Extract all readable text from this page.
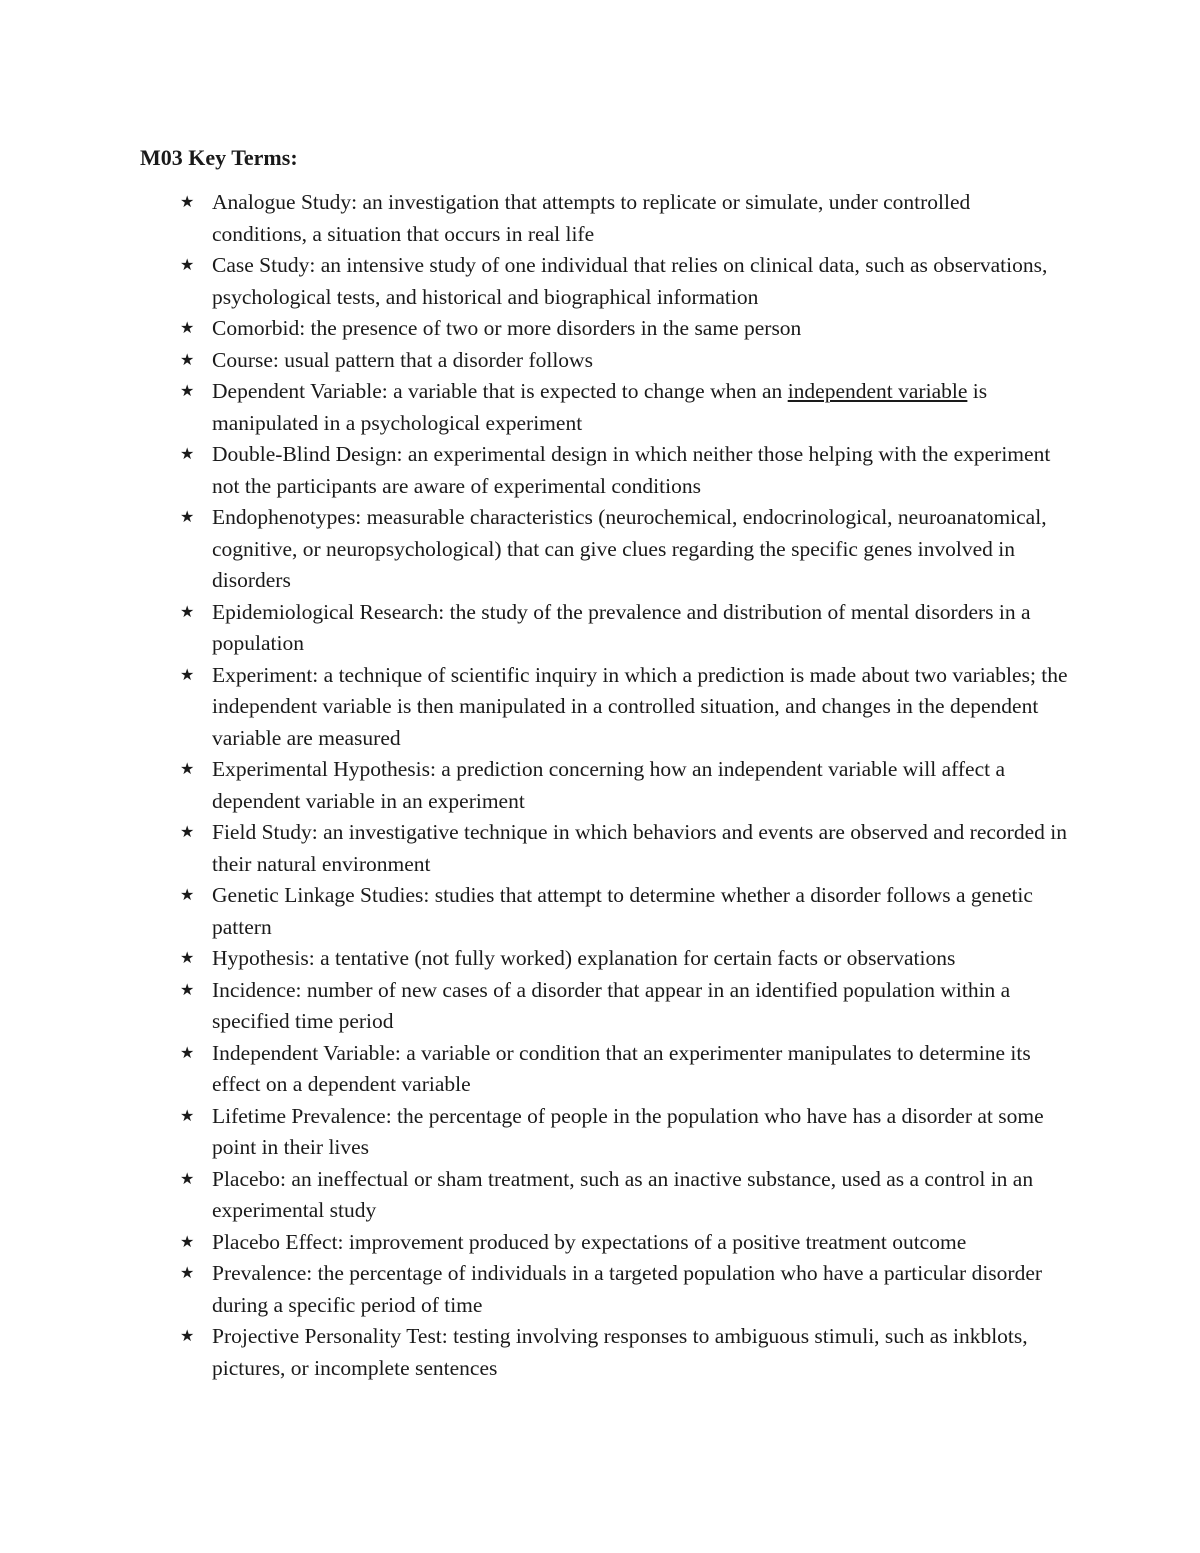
M03 Key Terms:
★ Analogue Study: an investigation that attempts to replicate or simulate, under controlled conditions, a situation that occurs in real life
★ Case Study: an intensive study of one individual that relies on clinical data, such as observations, psychological tests, and historical and biographical information
★ Comorbid: the presence of two or more disorders in the same person
★ Course: usual pattern that a disorder follows
★ Dependent Variable: a variable that is expected to change when an independent variable is manipulated in a psychological experiment
★ Double-Blind Design: an experimental design in which neither those helping with the experiment not the participants are aware of experimental conditions
★ Endophenotypes: measurable characteristics (neurochemical, endocrinological, neuroanatomical, cognitive, or neuropsychological) that can give clues regarding the specific genes involved in disorders
★ Epidemiological Research: the study of the prevalence and distribution of mental disorders in a population
★ Experiment: a technique of scientific inquiry in which a prediction is made about two variables; the independent variable is then manipulated in a controlled situation, and changes in the dependent variable are measured
★ Experimental Hypothesis: a prediction concerning how an independent variable will affect a dependent variable in an experiment
★ Field Study: an investigative technique in which behaviors and events are observed and recorded in their natural environment
★ Genetic Linkage Studies: studies that attempt to determine whether a disorder follows a genetic pattern
★ Hypothesis: a tentative (not fully worked) explanation for certain facts or observations
★ Incidence: number of new cases of a disorder that appear in an identified population within a specified time period
★ Independent Variable: a variable or condition that an experimenter manipulates to determine its effect on a dependent variable
★ Lifetime Prevalence: the percentage of people in the population who have has a disorder at some point in their lives
★ Placebo: an ineffectual or sham treatment, such as an inactive substance, used as a control in an experimental study
★ Placebo Effect: improvement produced by expectations of a positive treatment outcome
★ Prevalence: the percentage of individuals in a targeted population who have a particular disorder during a specific period of time
★ Projective Personality Test: testing involving responses to ambiguous stimuli, such as inkblots, pictures, or incomplete sentences
